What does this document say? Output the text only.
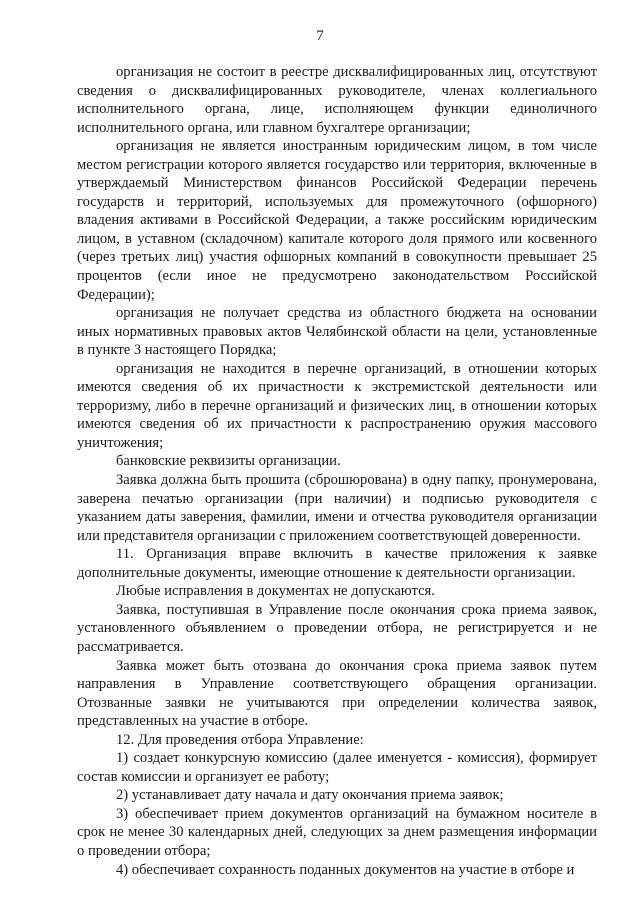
7

организация не состоит в реестре дисквалифицированных лиц, отсутствуют сведения о дисквалифицированных руководителе, членах коллегиального исполнительного органа, лице, исполняющем функции единоличного исполнительного органа, или главном бухгалтере организации;

организация не является иностранным юридическим лицом, в том числе местом регистрации которого является государство или территория, включенные в утверждаемый Министерством финансов Российской Федерации перечень государств и территорий, используемых для промежуточного (офшорного) владения активами в Российской Федерации, а также российским юридическим лицом, в уставном (складочном) капитале которого доля прямого или косвенного (через третьих лиц) участия офшорных компаний в совокупности превышает 25 процентов (если иное не предусмотрено законодательством Российской Федерации);

организация не получает средства из областного бюджета на основании иных нормативных правовых актов Челябинской области на цели, установленные в пункте 3 настоящего Порядка;

организация не находится в перечне организаций, в отношении которых имеются сведения об их причастности к экстремистской деятельности или терроризму, либо в перечне организаций и физических лиц, в отношении которых имеются сведения об их причастности к распространению оружия массового уничтожения;

банковские реквизиты организации.

Заявка должна быть прошита (сброшюрована) в одну папку, пронумерована, заверена печатью организации (при наличии) и подписью руководителя с указанием даты заверения, фамилии, имени и отчества руководителя организации или представителя организации с приложением соответствующей доверенности.

11. Организация вправе включить в качестве приложения к заявке дополнительные документы, имеющие отношение к деятельности организации.

Любые исправления в документах не допускаются.

Заявка, поступившая в Управление после окончания срока приема заявок, установленного объявлением о проведении отбора, не регистрируется и не рассматривается.

Заявка может быть отозвана до окончания срока приема заявок путем направления в Управление соответствующего обращения организации. Отозванные заявки не учитываются при определении количества заявок, представленных на участие в отборе.

12. Для проведения отбора Управление:

1) создает конкурсную комиссию (далее именуется - комиссия), формирует состав комиссии и организует ее работу;

2) устанавливает дату начала и дату окончания приема заявок;

3) обеспечивает прием документов организаций на бумажном носителе в срок не менее 30 календарных дней, следующих за днем размещения информации о проведении отбора;

4) обеспечивает сохранность поданных документов на участие в отборе и
